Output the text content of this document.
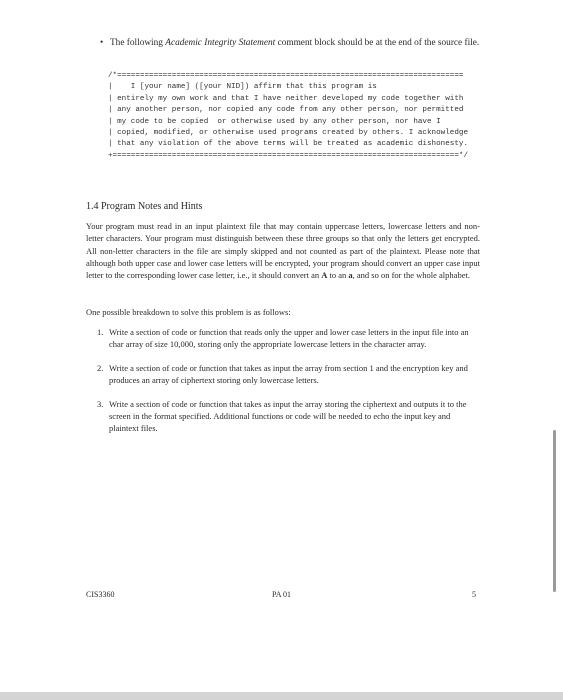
• The following Academic Integrity Statement comment block should be at the end of the source file.
/*============================================================================
|    I [your name] ([your NID]) affirm that this program is
| entirely my own work and that I have neither developed my code together with
| any another person, nor copied any code from any other person, nor permitted
| my code to be copied  or otherwise used by any other person, nor have I
| copied, modified, or otherwise used programs created by others. I acknowledge
| that any violation of the above terms will be treated as academic dishonesty.
+============================================================================*/
1.4 Program Notes and Hints

Your program must read in an input plaintext file that may contain uppercase letters, lowercase letters and non-letter characters. Your program must distinguish between these three groups so that only the letters get encrypted. All non-letter characters in the file are simply skipped and not counted as part of the plaintext. Please note that although both upper case and lower case letters will be encrypted, your program should convert an upper case input letter to the corresponding lower case letter, i.e., it should convert an A to an a, and so on for the whole alphabet.

One possible breakdown to solve this problem is as follows:
1. Write a section of code or function that reads only the upper and lower case letters in the input file into an char array of size 10,000, storing only the appropriate lowercase letters in the character array.
2. Write a section of code or function that takes as input the array from section 1 and the encryption key and produces an array of ciphertext storing only lowercase letters.
3. Write a section of code or function that takes as input the array storing the ciphertext and outputs it to the screen in the format specified. Additional functions or code will be needed to echo the input key and plaintext files.
CIS3360	PA 01	5
